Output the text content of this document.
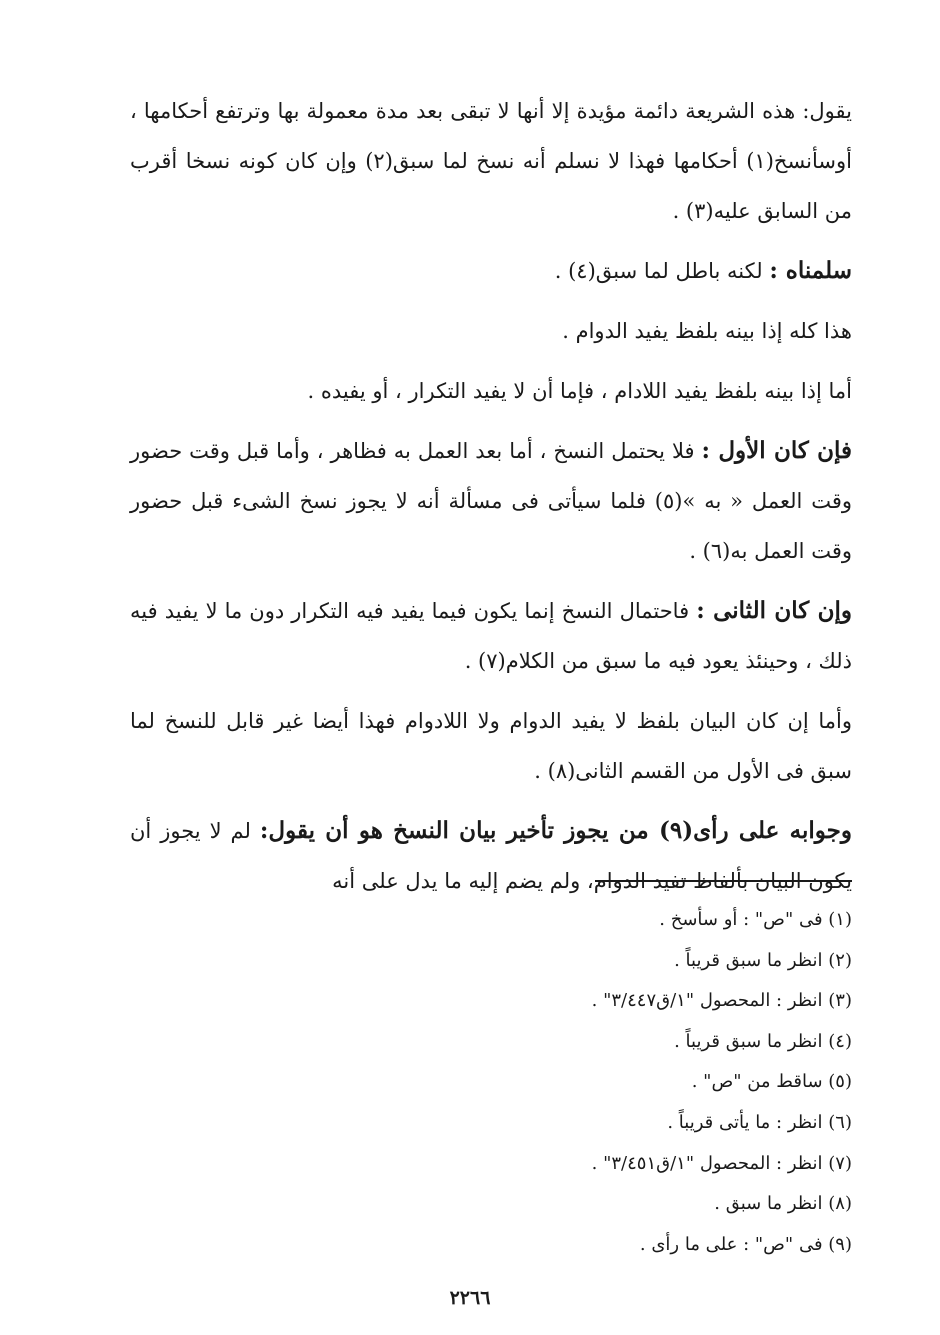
يقول: هذه الشريعة دائمة مؤيدة إلا أنها لا تبقى بعد مدة معمولة بها وترتفع أحكامها ، أوسأنسخ(١) أحكامها فهذا لا نسلم أنه نسخ لما سبق(٢) وإن كان كونه نسخا أقرب من السابق عليه(٣) .

سلمناه : لكنه باطل لما سبق(٤) .

هذا كله إذا بينه بلفظ يفيد الدوام .

أما إذا بينه بلفظ يفيد اللادام ، فإما أن لا يفيد التكرار ، أو يفيده .

فإن كان الأول : فلا يحتمل النسخ ، أما بعد العمل به فظاهر ، وأما قبل وقت حضور وقت العمل « به »(٥) فلما سيأتى فى مسألة أنه لا يجوز نسخ الشىء قبل حضور وقت العمل به(٦) .

وإن كان الثانى : فاحتمال النسخ إنما يكون فيما يفيد فيه التكرار دون ما لا يفيد فيه ذلك ، وحينئذ يعود فيه ما سبق من الكلام(٧) .

وأما إن كان البيان بلفظ لا يفيد الدوام ولا اللادوام فهذا أيضا غير قابل للنسخ لما سبق فى الأول من القسم الثانى(٨) .

وجوابه على رأى(٩) من يجوز تأخير بيان النسخ هو أن يقول: لم لا يجوز أن يكون البيان بألفاظ تفيد الدوام، ولم يضم إليه ما يدل على أنه

(١) فى "ص" : أو سأسخ .
(٢) انظر ما سبق قريباً .
(٣) انظر : المحصول "١/ق٣/٤٤٧" .
(٤) انظر ما سبق قريباً .
(٥) ساقط من "ص" .
(٦) انظر : ما يأتى قريباً .
(٧) انظر : المحصول "١/ق٣/٤٥١" .
(٨) انظر ما سبق .
(٩) فى "ص" : على ما رأى .
٢٢٦٦
